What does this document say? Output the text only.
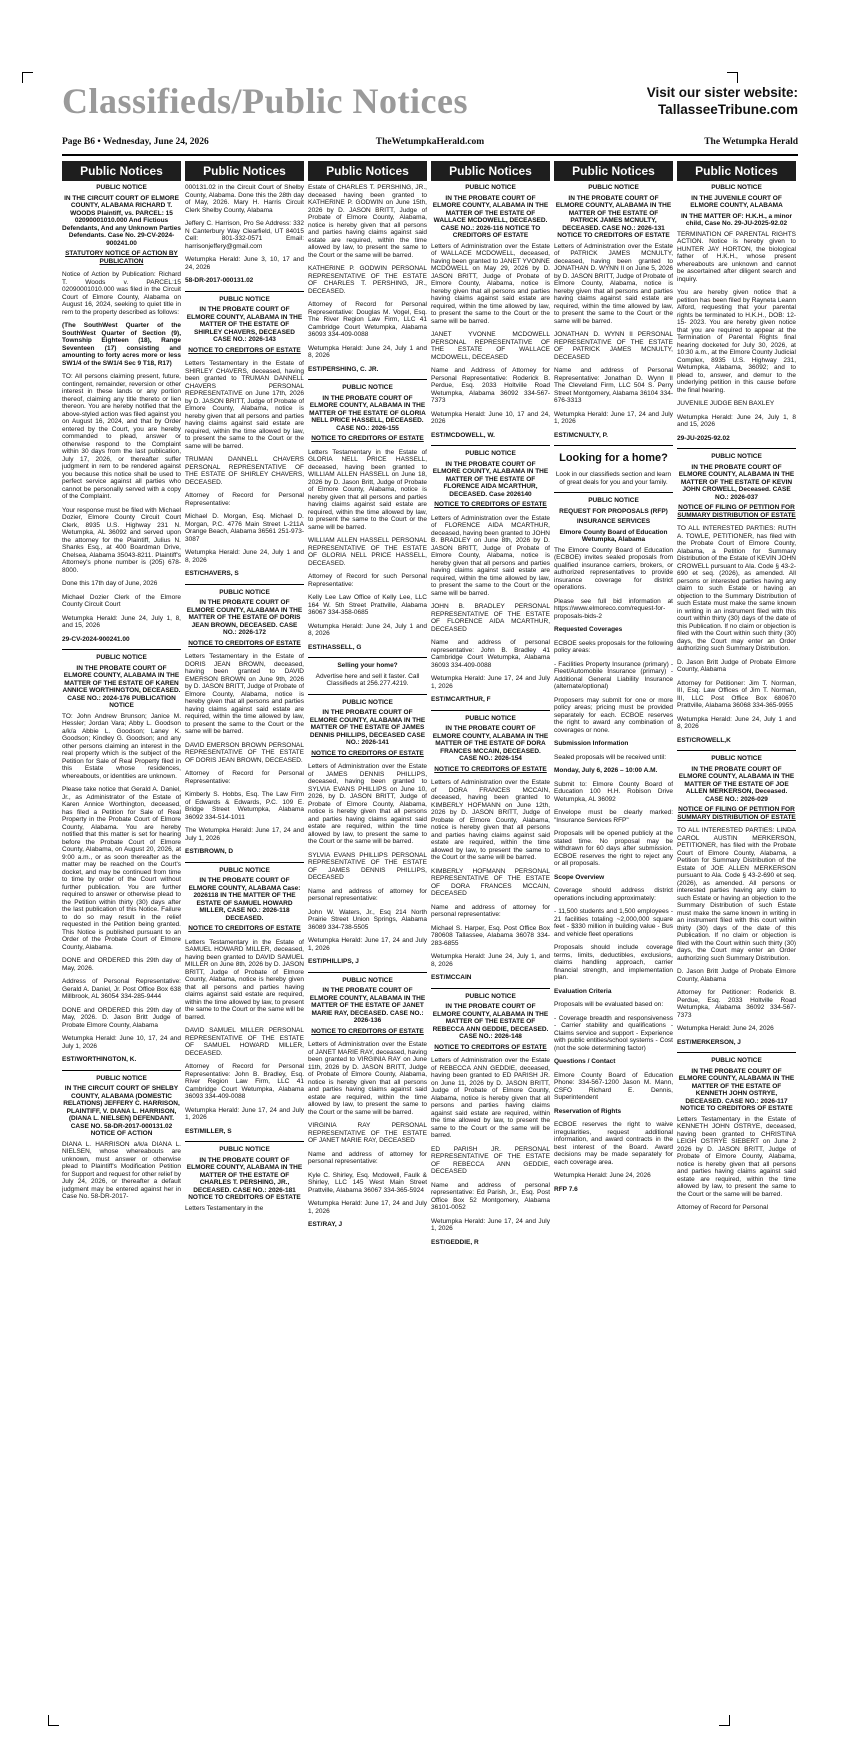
Classifieds/Public Notices	Visit our sister website:
TallasseeTribune.com
Page B6 • Wednesday, June 24, 2026	TheWetumpkaHerald.com	The Wetumpka Herald
Public Notices

PUBLIC NOTICE

IN THE CIRCUIT COURT OF ELMORE COUNTY, ALABAMA RICHARD T. WOODS Plaintiff, vs. PARCEL: 15 02090001010.000 And Fictious Defendants, And any Unknown Parties Defendants. Case No. 29-CV-2024-900241.00

STATUTORY NOTICE OF ACTION BY PUBLICATION

Notice of Action by Publication: Richard T. Woods v. PARCEL:15 02090001010.000 was filed in the Circuit Court of Elmore County, Alabama on August 16, 2024, seeking to quiet title in rem to the property described as follows:

(The SouthWest Quarter of the SouthWest Quarter of Section (9), Township Eighteen (18), Range Seventeen (17) consisting and amounting to forty acres more or less SW1/4 of the SW1/4 Sec 9 T18, R17)

TO: All persons claiming present, future, contingent, remainder, reversion or other interest in these lands or any portion thereof, claiming any title thereto or lien thereon. You are hereby notified that the above-styled action was filed against you on August 16, 2024, and that by Order entered by the Court, you are hereby commanded to plead, answer or otherwise respond to the Complaint within 30 days from the last publication, July 17, 2026, or thereafter suffer judgment in rem to be rendered against you because this notice shall be used to perfect service against all parties who cannot be personally served with a copy of the Complaint.

Your response must be filed with Michael Dozier, Elmore County Circuit Court Clerk, 8935 U.S. Highway 231 N. Wetumpka, AL 36092 and served upon the attorney for the Plaintiff, Julius N. Shanks Esq., at 400 Boardman Drive, Chelsea, Alabama 35043-8211. Plaintiff's Attorney's phone number is (205) 678-8000.

Done this 17th day of June, 2026

Michael Dozier Clerk of the Elmore County Circuit Court

Wetumpka Herald: June 24, July 1, 8, and 15, 2026

29-CV-2024-900241.00

PUBLIC NOTICE

IN THE PROBATE COURT OF ELMORE COUNTY, ALABAMA IN THE MATTER OF THE ESTATE OF KAREN ANNICE WORTHINGTON, DECEASED. CASE NO.: 2024-176 PUBLICATION NOTICE

TO: John Andrew Brunson; Janice M. Hessler; Jordan Vara; Abby L. Goodson a/k/a Abbie L. Goodson; Laney K. Goodson; Kindley G. Goodson; and any other persons claiming an interest in the real property which is the subject of the Petition for Sale of Real Property filed in this Estate whose residences, whereabouts, or identities are unknown.

Please take notice that Gerald A. Daniel, Jr., as Administrator of the Estate of Karen Annice Worthington, deceased, has filed a Petition for Sale of Real Property in the Probate Court of Elmore County, Alabama. You are hereby notified that this matter is set for hearing before the Probate Court of Elmore County, Alabama, on August 20, 2026, at 9:00 a.m., or as soon thereafter as the matter may be reached on the Court's docket, and may be continued from time to time by order of the Court without further publication. You are further required to answer or otherwise plead to the Petition within thirty (30) days after the last publication of this Notice. Failure to do so may result in the relief requested in the Petition being granted. This Notice is published pursuant to an Order of the Probate Court of Elmore County, Alabama.

DONE and ORDERED this 29th day of May, 2026.

Address of Personal Representative: Gerald A. Daniel, Jr. Post Office Box 638 Millbrook, AL 36054 334-285-9444

DONE and ORDERED this 29th day of May, 2026. D. Jason Britt Judge of Probate Elmore County, Alabama

Wetumpka Herald: June 10, 17, 24 and July 1, 2026

EST/WORTHINGTON, K.

PUBLIC NOTICE

IN THE CIRCUIT COURT OF SHELBY COUNTY, ALABAMA (DOMESTIC RELATIONS) JEFFERY C. HARRISON, PLAINTIFF, V. DIANA L. HARRISON, (DIANA L. NIELSEN) DEFENDANT. CASE NO. 58-DR-2017-000131.02 NOTICE OF ACTION

DIANA L. HARRISON a/k/a DIANA L. NIELSEN, whose whereabouts are unknown, must answer or otherwise plead to Plaintiff's Modification Petition for Support and request for other relief by July 24, 2026, or thereafter a default judgment may be entered against her in Case No. 58-DR-2017-

Public Notices

000131.02 in the Circuit Court of Shelby County, Alabama. Done this the 28th day of May, 2026. Mary H. Harris Circuit Clerk Shelby County, Alabama

Jeffery C. Harrison, Pro Se Address: 332 N Canterbury Way Clearfield, UT 84015 Cell: 801-332-0571 Email: harrisonjeffery@gmail.com

Wetumpka Herald: June 3, 10, 17 and 24, 2026

58-DR-2017-000131.02

PUBLIC NOTICE

IN THE PROBATE COURT OF ELMORE COUNTY, ALABAMA IN THE MATTER OF THE ESTATE OF SHIRLEY CHAVERS, DECEASED CASE NO.: 2026-143

NOTICE TO CREDITORS OF ESTATE

Letters Testamentary in the Estate of SHIRLEY CHAVERS, deceased, having been granted to TRUMAN DANNELL CHAVERS PERSONAL REPRESENTATIVE on June 17th, 2026 by D. JASON BRITT, Judge of Probate of Elmore County, Alabama, notice is hereby given that all persons and parties having claims against said estate are required, within the time allowed by law, to present the same to the Court or the same will be barred.

TRUMAN DANNELL CHAVERS PERSONAL REPRESENTATIVE OF THE ESTATE OF SHIRLEY CHAVERS, DECEASED.

Attorney of Record for Personal Representative:

Michael D. Morgan, Esq. Michael D. Morgan, P.C. 4776 Main Street L-211A Orange Beach, Alabama 36561 251-973-3087

Wetumpka Herald: June 24, July 1 and 8, 2026

EST/CHAVERS, S

PUBLIC NOTICE

IN THE PROBATE COURT OF ELMORE COUNTY, ALABAMA IN THE MATTER OF THE ESTATE OF DORIS JEAN BROWN, DECEASED. CASE NO.: 2026-172

NOTICE TO CREDITORS OF ESTATE

Letters Testamentary in the Estate of DORIS JEAN BROWN, deceased, having been granted to DAVID EMERSON BROWN on June 9th, 2026 by D. JASON BRITT, Judge of Probate of Elmore County, Alabama, notice is hereby given that all persons and parties having claims against said estate are required, within the time allowed by law, to present the same to the Court or the same will be barred.

DAVID EMERSON BROWN PERSONAL REPRESENTATIVE OF THE ESTATE OF DORIS JEAN BROWN, DECEASED.

Attorney of Record for Personal Representative:

Kimberly S. Hobbs, Esq. The Law Firm of Edwards & Edwards, P.C. 109 E. Bridge Street Wetumpka, Alabama 36092 334-514-1011

The Wetumpka Herald: June 17, 24 and July 1, 2026

EST/BROWN, D

PUBLIC NOTICE

IN THE PROBATE COURT OF ELMORE COUNTY, ALABAMA Case: 2026118 IN THE MATTER OF THE ESTATE OF SAMUEL HOWARD MILLER, CASE NO.: 2026-118 DECEASED.

NOTICE TO CREDITORS OF ESTATE

Letters Testamentary in the Estate of SAMUEL HOWARD MILLER, deceased, having been granted to DAVID SAMUEL MILLER on June 8th, 2026 by D. JASON BRITT, Judge of Probate of Elmore County, Alabama, notice is hereby given that all persons and parties having claims against said estate are required, within the time allowed by law, to present the same to the Court or the same will be barred.

DAVID SAMUEL MILLER PERSONAL REPRESENTATIVE OF THE ESTATE OF SAMUEL HOWARD MILLER, DECEASED.

Attorney of Record for Personal Representative: John B. Bradley, Esq. River Region Law Firm, LLC 41 Cambridge Court Wetumpka, Alabama 36093 334-409-0088

Wetumpka Herald: June 17, 24 and July 1, 2026

EST/MILLER, S

PUBLIC NOTICE

IN THE PROBATE COURT OF ELMORE COUNTY, ALABAMA IN THE MATTER OF THE ESTATE OF CHARLES T. PERSHING, JR., DECEASED. CASE NO.: 2026-181 NOTICE TO CREDITORS OF ESTATE

Letters Testamentary in the

Public Notices

Estate of CHARLES T. PERSHING, JR., deceased having been granted to KATHERINE P. GODWIN on June 15th, 2026 by D. JASON BRITT, Judge of Probate of Elmore County, Alabama, notice is hereby given that all persons and parties having claims against said estate are required, within the time allowed by law, to present the same to the Court or the same will be barred.

KATHERINE P. GODWIN PERSONAL REPRESENTATIVE OF THE ESTATE OF CHARLES T. PERSHING, JR., DECEASED.

Attorney of Record for Personal Representative: Douglas M. Vogel, Esq. The River Region Law Firm, LLC 41 Cambridge Court Wetumpka, Alabama 36093 334-409-0088

Wetumpka Herald: June 24, July 1 and 8, 2026

EST/PERSHING, C. JR.

PUBLIC NOTICE

IN THE PROBATE COURT OF ELMORE COUNTY, ALABAMA IN THE MATTER OF THE ESTATE OF GLORIA NELL PRICE HASSELL, DECEASED. CASE NO.: 2026-155

NOTICE TO CREDITORS OF ESTATE

Letters Testamentary in the Estate of GLORIA NELL PRICE HASSELL, deceased, having been granted to WILLIAM ALLEN HASSELL on June 18, 2026 by D. Jason Britt, Judge of Probate of Elmore County, Alabama, notice is hereby given that all persons and parties having claims against said estate are required, within the time allowed by law, to present the same to the Court or the same will be barred.

WILLIAM ALLEN HASSELL PERSONAL REPRESENTATIVE OF THE ESTATE OF GLORIA NELL PRICE HASSELL, DECEASED.

Attorney of Record for such Personal Representative:

Kelly Lee Law Office of Kelly Lee, LLC 164 W. 5th Street Prattville, Alabama 36067 334-358-0685

Wetumpka Herald: June 24, July 1 and 8, 2026

EST/HASSELL, G

Selling your home?

Advertise here and sell it faster. Call Classifieds at 256.277.4219.

PUBLIC NOTICE

IN THE PROBATE COURT OF ELMORE COUNTY, ALABAMA IN THE MATTER OF THE ESTATE OF JAMES DENNIS PHILLIPS, DECEASED CASE NO.: 2026-141

NOTICE TO CREDITORS OF ESTATE

Letters of Administration over the Estate of JAMES DENNIS PHILLIPS, deceased, having been granted to SYLVIA EVANS PHILLIPS on June 10, 2026, by D. JASON BRITT, Judge of Probate of Elmore County, Alabama, notice is hereby given that all persons and parties having claims against said estate are required, within the time allowed by law, to present the same to the Court or the same will be barred.

SYLVIA EVANS PHILLIPS PERSONAL REPRESENTATIVE OF THE ESTATE OF JAMES DENNIS PHILLIPS, DECEASED

Name and address of attorney for personal representative:

John W. Waters, Jr., Esq 214 North Prairie Street Union Springs, Alabama 36089 334-738-5505

Wetumpka Herald: June 17, 24 and July 1, 2026

EST/PHILLIPS, J

PUBLIC NOTICE

IN THE PROBATE COURT OF ELMORE COUNTY, ALABAMA IN THE MATTER OF THE ESTATE OF JANET MARIE RAY, DECEASED. CASE NO.: 2026-136

NOTICE TO CREDITORS OF ESTATE

Letters of Administration over the Estate of JANET MARIE RAY, deceased, having been granted to VIRGINIA RAY on June 11th, 2026 by D. JASON BRITT, Judge of Probate of Elmore County, Alabama, notice is hereby given that all persons and parties having claims against said estate are required, within the time allowed by law, to present the same to the Court or the same will be barred.

VIRGINIA RAY PERSONAL REPRESENTATIVE OF THE ESTATE OF JANET MARIE RAY, DECEASED

Name and address of attorney for personal representative:

Kyle C. Shirley, Esq. Mcdowell, Faulk & Shirley, LLC 145 West Main Street Prattville, Alabama 36067 334-365-5924

Wetumpka Herald: June 17, 24 and July 1, 2026

EST/RAY, J

Public Notices

PUBLIC NOTICE

IN THE PROBATE COURT OF ELMORE COUNTY, ALABAMA IN THE MATTER OF THE ESTATE OF WALLACE MCDOWELL, DECEASED. CASE NO.: 2026-116 NOTICE TO CREDITORS OF ESTATE

Letters of Administration over the Estate of WALLACE MCDOWELL, deceased, having been granted to JANET YVONNE MCDOWELL on May 29, 2026 by D. JASON BRITT, Judge of Probate of Elmore County, Alabama, notice is hereby given that all persons and parties having claims against said estate are required, within the time allowed by law, to present the same to the Court or the same will be barred.

JANET YVONNE MCDOWELL PERSONAL REPRESENTATIVE OF THE ESTATE OF WALLACE MCDOWELL, DECEASED

Name and Address of Attorney for Personal Representative: Roderick B. Perdue, Esq. 2033 Holtville Road Wetumpka, Alabama 36092 334-567-7373

Wetumpka Herald: June 10, 17 and 24, 2026

EST/MCDOWELL, W.

PUBLIC NOTICE

IN THE PROBATE COURT OF ELMORE COUNTY, ALABAMA IN THE MATTER OF THE ESTATE OF FLORENCE AIDA MCARTHUR, DECEASED. Case 2026140

NOTICE TO CREDITORS OF ESTATE

Letters of Administration over the Estate of FLORENCE AIDA MCARTHUR, deceased, having been granted to JOHN B. BRADLEY on June 8th, 2026 by D. JASON BRITT, Judge of Probate of Elmore County, Alabama, notice is hereby given that all persons and parties having claims against said estate are required, within the time allowed by law, to present the same to the Court or the same will be barred.

JOHN B. BRADLEY PERSONAL REPRESENTATIVE OF THE ESTATE OF FLORENCE AIDA MCARTHUR, DECEASED

Name and address of personal representative: John B. Bradley 41 Cambridge Court Wetumpka, Alabama 36093 334-409-0088

Wetumpka Herald: June 17, 24 and July 1, 2026

EST/MCARTHUR, F

PUBLIC NOTICE

IN THE PROBATE COURT OF ELMORE COUNTY, ALABAMA IN THE MATTER OF THE ESTATE OF DORA FRANCES MCCAIN, DECEASED. CASE NO.: 2026-154

NOTICE TO CREDITORS OF ESTATE

Letters of Administration over the Estate of DORA FRANCES MCCAIN, deceased, having been granted to KIMBERLY HOFMANN on June 12th, 2026 by D. JASON BRITT, Judge of Probate of Elmore County, Alabama, notice is hereby given that all persons and parties having claims against said estate are required, within the time allowed by law, to present the same to the Court or the same will be barred.

KIMBERLY HOFMANN PERSONAL REPRESENTATIVE OF THE ESTATE OF DORA FRANCES MCCAIN, DECEASED

Name and address of attorney for personal representative:

Michael S. Harper, Esq. Post Office Box 780608 Tallassee, Alabama 36078 334-283-6855

Wetumpka Herald: June 24, July 1, and 8, 2026

EST/MCCAIN

PUBLIC NOTICE

IN THE PROBATE COURT OF ELMORE COUNTY, ALABAMA IN THE MATTER OF THE ESTATE OF REBECCA ANN GEDDIE, DECEASED. CASE NO.: 2026-148

NOTICE TO CREDITORS OF ESTATE

Letters of Administration over the Estate of REBECCA ANN GEDDIE, deceased, having been granted to ED PARISH JR. on June 11, 2026 by D. JASON BRITT, Judge of Probate of Elmore County, Alabama, notice is hereby given that all persons and parties having claims against said estate are required, within the time allowed by law, to present the same to the Court or the same will be barred.

ED PARISH JR. PERSONAL REPRESENTATIVE OF THE ESTATE OF REBECCA ANN GEDDIE, DECEASED

Name and address of personal representative: Ed Parish, Jr., Esq. Post Office Box 52 Montgomery, Alabama 36101-0052

Wetumpka Herald: June 17, 24 and July 1, 2026

EST/GEDDIE, R

Public Notices

PUBLIC NOTICE

IN THE PROBATE COURT OF ELMORE COUNTY, ALABAMA IN THE MATTER OF THE ESTATE OF PATRICK JAMES MCNULTY, DECEASED. CASE NO.: 2026-131 NOTICE TO CREDITORS OF ESTATE

Letters of Administration over the Estate of PATRICK JAMES MCNULTY, deceased, having been granted to JONATHAN D. WYNN II on June 5, 2026 by D. JASON BRITT, Judge of Probate of Elmore County, Alabama, notice is hereby given that all persons and parties having claims against said estate are required, within the time allowed by law, to present the same to the Court or the same will be barred.

JONATHAN D. WYNN II PERSONAL REPRESENTATIVE OF THE ESTATE OF PATRICK JAMES MCNULTY, DECEASED

Name and address of Personal Representative: Jonathan D. Wynn II The Cleveland Firm, LLC 504 S. Perry Street Montgomery, Alabama 36104 334-676-3313

Wetumpka Herald: June 17, 24 and July 1, 2026

EST/MCNULTY, P.

Looking for a home?

Look in our classifieds section and learn of great deals for you and your family.

PUBLIC NOTICE

REQUEST FOR PROPOSALS (RFP)

INSURANCE SERVICES

Elmore County Board of Education Wetumpka, Alabama

The Elmore County Board of Education (ECBOE) invites sealed proposals from qualified insurance carriers, brokers, or authorized representatives to provide insurance coverage for district operations.

Please see full bid information at https://www.elmoreco.com/request-for-proposals-bids-2

Requested Coverages

ECBOE seeks proposals for the following policy areas:

- Facilities Property Insurance (primary) - Fleet/Automobile Insurance (primary) - Additional General Liability Insurance (alternate/optional)

Proposers may submit for one or more policy areas; pricing must be provided separately for each. ECBOE reserves the right to award any combination of coverages or none.

Submission Information

Sealed proposals will be received until:

Monday, July 6, 2026 – 10:00 A.M.

Submit to: Elmore County Board of Education 100 H.H. Robison Drive Wetumpka, AL 36092

Envelope must be clearly marked: "Insurance Services RFP"

Proposals will be opened publicly at the stated time. No proposal may be withdrawn for 60 days after submission. ECBOE reserves the right to reject any or all proposals.

Scope Overview

Coverage should address district operations including approximately:

- 11,500 students and 1,500 employees - 21 facilities totaling ~2,000,000 square feet - $330 million in building value - Bus and vehicle fleet operations

Proposals should include coverage terms, limits, deductibles, exclusions, claims handling approach, carrier financial strength, and implementation plan.

Evaluation Criteria

Proposals will be evaluated based on:

- Coverage breadth and responsiveness - Carrier stability and qualifications - Claims service and support - Experience with public entities/school systems - Cost (not the sole determining factor)

Questions / Contact

Elmore County Board of Education Phone: 334-567-1200 Jason M. Mann, CSFO Richard E. Dennis, Superintendent

Reservation of Rights

ECBOE reserves the right to waive irregularities, request additional information, and award contracts in the best interest of the Board. Award decisions may be made separately for each coverage area.

Wetumpka Herald: June 24, 2026

RFP 7.6

Public Notices

PUBLIC NOTICE

IN THE JUVENILE COURT OF ELMORE COUNTY, ALABAMA

IN THE MATTER OF: H.K.H., a minor child, Case No. 29-JU-2025-92.02

TERMINATION OF PARENTAL RIGHTS ACTION. Notice is hereby given to HUNTER JAY HORTON, the biological father of H.K.H., whose present whereabouts are unknown and cannot be ascertained after diligent search and inquiry.

You are hereby given notice that a petition has been filed by Rayneta Leann Alford, requesting that your parental rights be terminated to H.K.H., DOB: 12-15- 2023. You are hereby given notice that you are required to appear at the Termination of Parental Rights final hearing docketed for July 30, 2026, at 10:30 a.m., at the Elmore County Judicial Complex, 8935 U.S. Highway 231, Wetumpka, Alabama, 36092; and to plead to, answer, and demur to the underlying petition in this cause before the final hearing.

JUVENILE JUDGE BEN BAXLEY

Wetumpka Herald: June 24, July 1, 8 and 15, 2026

29-JU-2025-92.02

PUBLIC NOTICE

IN THE PROBATE COURT OF ELMORE COUNTY, ALABAMA IN THE MATTER OF THE ESTATE OF KEVIN JOHN CROWELL, Deceased. CASE NO.: 2026-037

NOTICE OF FILING OF PETITION FOR SUMMARY DISTRIBUTION OF ESTATE

TO ALL INTERESTED PARTIES: RUTH A. TOWLE, PETITIONER, has filed with the Probate Court of Elmore County, Alabama, a Petition for Summary Distribution of the Estate of KEVIN JOHN CROWELL pursuant to Ala. Code § 43-2-690 et seq. (2026), as amended. All persons or interested parties having any claim to such Estate or having an objection to the Summary Distribution of such Estate must make the same known in writing in an instrument filed with this court within thirty (30) days of the date of this Publication. If no claim or objection is filed with the Court within such thirty (30) days, the Court may enter an Order authorizing such Summary Distribution.

D. Jason Britt Judge of Probate Elmore County, Alabama

Attorney for Petitioner: Jim T. Norman, III, Esq. Law Offices of Jim T. Norman, III, LLC Post Office Box 680670 Prattville, Alabama 36068 334-365-9955

Wetumpka Herald: June 24, July 1 and 8, 2026

EST/CROWELL,K

PUBLIC NOTICE

IN THE PROBATE COURT OF ELMORE COUNTY, ALABAMA IN THE MATTER OF THE ESTATE OF JOE ALLEN MERKERSON, Deceased. CASE NO.: 2026-029

NOTICE OF FILING OF PETITION FOR SUMMARY DISTRIBUTION OF ESTATE

TO ALL INTERESTED PARTIES: LINDA CAROL AUSTIN MERKERSON, PETITIONER, has filed with the Probate Court of Elmore County, Alabama, a Petition for Summary Distribution of the Estate of JOE ALLEN MERKERSON pursuant to Ala. Code § 43-2-690 et seq. (2026), as amended. All persons or interested parties having any claim to such Estate or having an objection to the Summary Distribution of such Estate must make the same known in writing in an instrument filed with this court within thirty (30) days of the date of this Publication. If no claim or objection is filed with the Court within such thirty (30) days, the Court may enter an Order authorizing such Summary Distribution.

D. Jason Britt Judge of Probate Elmore County, Alabama

Attorney for Petitioner: Roderick B. Perdue, Esq. 2033 Holtville Road Wetumpka, Alabama 36092 334-567-7373

Wetumpka Herald: June 24, 2026

EST/MERKERSON, J

PUBLIC NOTICE

IN THE PROBATE COURT OF ELMORE COUNTY, ALABAMA IN THE MATTER OF THE ESTATE OF KENNETH JOHN OSTRYE, DECEASED. CASE NO.: 2026-117 NOTICE TO CREDITORS OF ESTATE

Letters Testamentary in the Estate of KENNETH JOHN OSTRYE, deceased, having been granted to CHRISTINA LEIGH OSTRYE SIEBERT on June 2 2026 by D. JASON BRITT, Judge of Probate of Elmore County, Alabama, notice is hereby given that all persons and parties having claims against said estate are required, within the time allowed by law, to present the same to the Court or the same will be barred.

Attorney of Record for Personal
